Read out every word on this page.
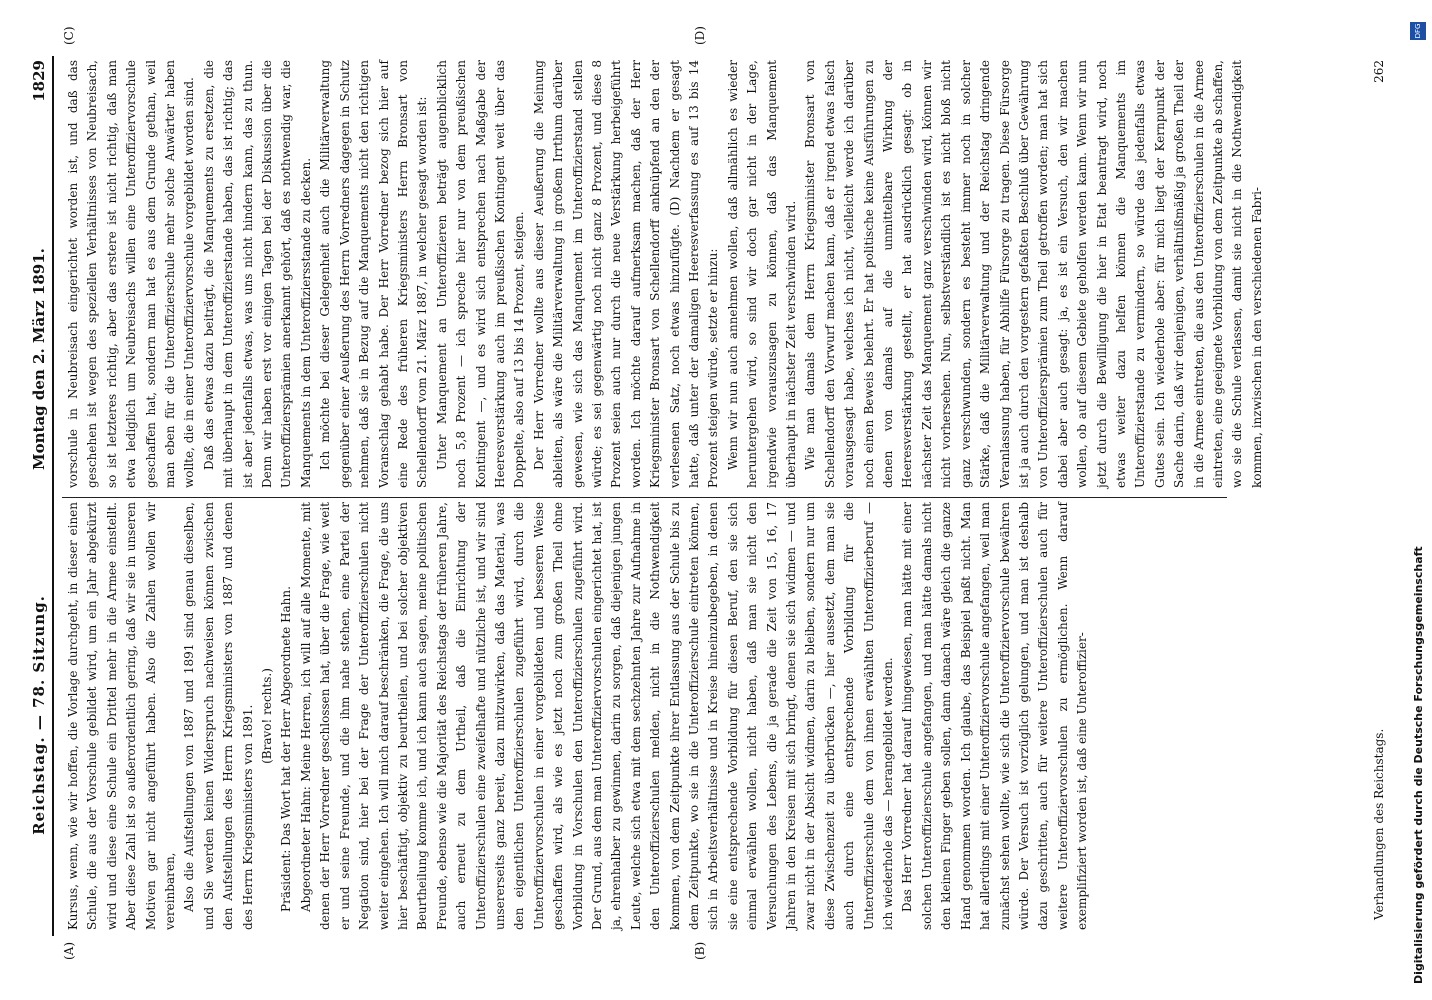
Reichstag. — 78. Sitzung.
Montag den 2. März 1891.
1829
(A)	(B)
(C)	(D)

Kursus, wenn, wie wir hoffen, die Vorlage durchgeht, in dieser einen Schule, die aus der Vorschule gebildet wird, um ein Jahr abgekürzt wird und diese eine Schule ein Drittel mehr in die Armee einstellt. Aber diese Zahl ist so außerordentlich gering, daß wir sie in unseren Motiven gar nicht angeführt haben. Also die Zahlen wollen wir vereinbaren, Also die Aufstellungen von 1887 und 1891 sind genau dieselben, und Sie werden keinen Widerspruch nachweisen können zwischen den Aufstellungen des Herrn Kriegsministers von 1887 und denen des Herrn Kriegsministers von 1891. (Bravo! rechts.) Präsident: Das Wort hat der Herr Abgeordnete Hahn. Abgeordneter Hahn: Meine Herren, ich will auf alle Momente, mit denen der Herr Vorredner geschlossen hat, über die Frage, wie weit er und seine Freunde, und die ihm nahe stehen, eine Partei der Negation sind, hier bei der Frage der Unteroffizierschulen nicht weiter eingehen. Ich will mich darauf beschränken, die Frage, die uns hier beschäftigt, objektiv zu beurtheilen, und bei solcher objektiven Beurtheilung komme ich, und ich kann auch sagen, meine politischen Freunde, ebenso wie die Majorität des Reichstags der früheren Jahre, auch erneut zu dem Urtheil, daß die Einrichtung der Unteroffizierschulen eine zweifelhafte und nützliche ist, und wir sind unsererseits ganz bereit, dazu mitzuwirken, daß das Material, was den eigentlichen Unteroffizierschulen zugeführt wird, durch die Unteroffiziervorschulen in einer vorgebildeten und besseren Weise geschaffen wird, als wie es jetzt noch zum großen Theil ohne Vorbildung in Vorschulen den Unteroffizierschulen zugeführt wird. Der Grund, aus dem man Unteroffiziervorschulen eingerichtet hat, ist ja, ehrenhalber zu gewinnen, darin zu sorgen, daß diejenigen jungen Leute, welche sich etwa mit dem sechzehnten Jahre zur Aufnahme in den Unteroffizierschulen melden, nicht in die Nothwendigkeit kommen, von dem Zeitpunkte ihrer Entlassung aus der Schule bis zu dem Zeitpunkte, wo sie in die Unteroffizierschule eintreten können, sich in Arbeitsverhältnisse und in Kreise hineinzubegeben, in denen sie eine entsprechende Vorbildung für diesen Beruf, den sie sich einmal erwählen wollen, nicht haben, daß man sie nicht den Versuchungen des Lebens, die ja gerade die Zeit von 15, 16, 17 Jahren in den Kreisen mit sich bringt, denen sie sich widmen — und zwar nicht in der Absicht widmen, darin zu bleiben, sondern nur um diese Zwischenzeit zu überbrücken —, hier aussetzt, dem man sie auch durch eine entsprechende Vorbildung für die Unteroffizierschule dem von ihnen erwählten Unteroffizierberuf — ich wiederhole das — herangebildet werden. Das Herr Vorredner hat darauf hingewiesen, man hätte mit einer solchen Unteroffizierschule angefangen, und man hätte damals nicht den kleinen Finger geben sollen, dann danach wäre gleich die ganze Hand genommen worden. Ich glaube, das Beispiel paßt nicht. Man hat allerdings mit einer Unteroffiziervorschule angefangen, weil man zunächst sehen wollte, wie sich die Unteroffiziervorschule bewähren würde. Der Versuch ist vorzüglich gelungen, und man ist deshalb dazu geschritten, auch für weitere Unteroffizierschulen auch für weitere Unteroffiziervorschulen zu ermöglichen. Wenn darauf exemplifiziert worden ist, daß eine Unteroffizier-

vorschule in Neubreisach eingerichtet worden ist, und daß das geschehen ist wegen des speziellen Verhältnisses von Neubreisach, so ist letzteres richtig, aber das erstere ist nicht richtig, daß man etwa lediglich um Neubreisachs willen eine Unteroffiziervorschule geschaffen hat, sondern man hat es aus dem Grunde gethan, weil man eben für die Unteroffizierschule mehr solche Anwärter haben wollte, die in einer Unteroffiziervorschule vorgebildet worden sind. Daß das etwas dazu beiträgt, die Manquements zu ersetzen, die mit überhaupt in dem Unteroffizierstande haben, das ist richtig; das ist aber jedenfalls etwas, was uns nicht hindern kann, das zu thun. Denn wir haben erst vor einigen Tagen bei der Diskussion über die Unteroffiziersprämien anerkannt gehört, daß es nothwendig war, die Manquements in dem Unteroffiziersstande zu decken. Ich möchte bei dieser Gelegenheit auch die Militärverwaltung gegenüber einer Aeußerung des Herrn Vorredners dagegen in Schutz nehmen, daß sie in Bezug auf die Manquements nicht den richtigen Voranschlag gehabt habe. Der Herr Vorredner bezog sich hier auf eine Rede des früheren Kriegsministers Herrn Bronsart von Schellendorff vom 21. März 1887, in welcher gesagt worden ist: Unter Manquement an Unteroffizieren beträgt augenblicklich noch 5,8 Prozent — ich spreche hier nur von dem preußischen Kontingent —, und es wird sich entsprechen nach Maßgabe der Heeresverstärkung auch im preußischen Kontingent weit über das Doppelte, also auf 13 bis 14 Prozent, steigen. Der Herr Vorredner wollte aus dieser Aeußerung die Meinung ableiten, als wäre die Militärverwaltung in großem Irrthum darüber gewesen, wie sich das Manquement im Unteroffizierstand stellen würde; es sei gegenwärtig noch nicht ganz 8 Prozent, und diese 8 Prozent seien auch nur durch die neue Verstärkung herbeigeführt worden. Ich möchte darauf aufmerksam machen, daß der Herr Kriegsminister Bronsart von Schellendorff anknüpfend an den der verlesenen Satz, noch etwas hinzufügte. (D) Nachdem er gesagt hatte, daß unter der damaligen Heeresverfassung es auf 13 bis 14 Prozent steigen würde, setzte er hinzu: Wenn wir nun auch annehmen wollen, daß allmählich es wieder heruntergehen wird, so sind wir doch gar nicht in der Lage, irgendwie vorauszusagen zu können, daß das Manquement überhaupt in nächster Zeit verschwinden wird. Wie man damals dem Herrn Kriegsminister Bronsart von Schellendorff den Vorwurf machen kann, daß er irgend etwas falsch vorausgesagt habe, welches ich nicht, vielleicht werde ich darüber noch einen Beweis belehrt. Er hat politische keine Ausführungen zu denen von damals auf die unmittelbare Wirkung der Heeresverstärkung gestellt, er hat ausdrücklich gesagt: ob in nächster Zeit das Manquement ganz verschwinden wird, können wir nicht vorhersehen. Nun, selbstverständlich ist es nicht bloß nicht ganz verschwunden, sondern es besteht immer noch in solcher Stärke, daß die Militärverwaltung und der Reichstag dringende Veranlassung haben, für Abhilfe Fürsorge zu tragen. Diese Fürsorge ist ja auch durch den vorgestern gefaßten Beschluß über Gewährung von Unteroffiziersprämien zum Theil getroffen worden; man hat sich dabei aber auch gesagt: ja, es ist ein Versuch, den wir machen wollen, ob auf diesem Gebiete geholfen werden kann. Wenn wir nun jetzt durch die Bewilligung die hier in Etat beantragt wird, noch etwas weiter dazu helfen können die Manquements im Unteroffizierstande zu vermindern, so würde das jedenfalls etwas Gutes sein. Ich wiederhole aber: für mich liegt der Kernpunkt der Sache darin, daß wir denjenigen, verhältnißmäßig ja großen Theil der in die Armee eintreten, die aus den Unteroffizierschulen in die Armee eintreten, eine geeignete Vorbildung von dem Zeitpunkte ab schaffen, wo sie die Schule verlassen, damit sie nicht in die Nothwendigkeit kommen, inzwischen in den verschiedenen Fabri-

Verhandlungen des Reichstags.
262
Digitalisierung gefördert durch die Deutsche Forschungsgemeinschaft
DFG
